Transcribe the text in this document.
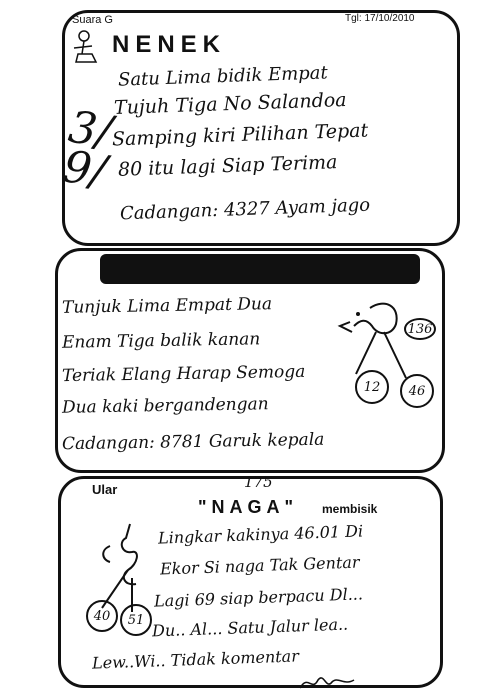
Suara G	Tgl: 17/10/2010
NENEK
3/9/
Satu Lima bidik Empat
Tujuh Tiga No Salandoa
Samping kiri Pilihan Tepat
80 itu lagi Siap Terima
Cadangan: 4327 Ayam jago
Tunjuk Lima Empat Dua
Enam Tiga balik kanan
Teriak Elang Harap Semoga
Dua kaki bergandengan
Cadangan: 8781 Garuk kepala
136
12	46
Ular	175
"NAGA" membisik
Lingkar kakinya 46.01 Di
Ekor Si naga Tak Gentar
Lagi 69 siap berpacu Dl...
Du.. Al... Satu Jalur lea..
Lew..Wi.. Tidak komentar
40	51
